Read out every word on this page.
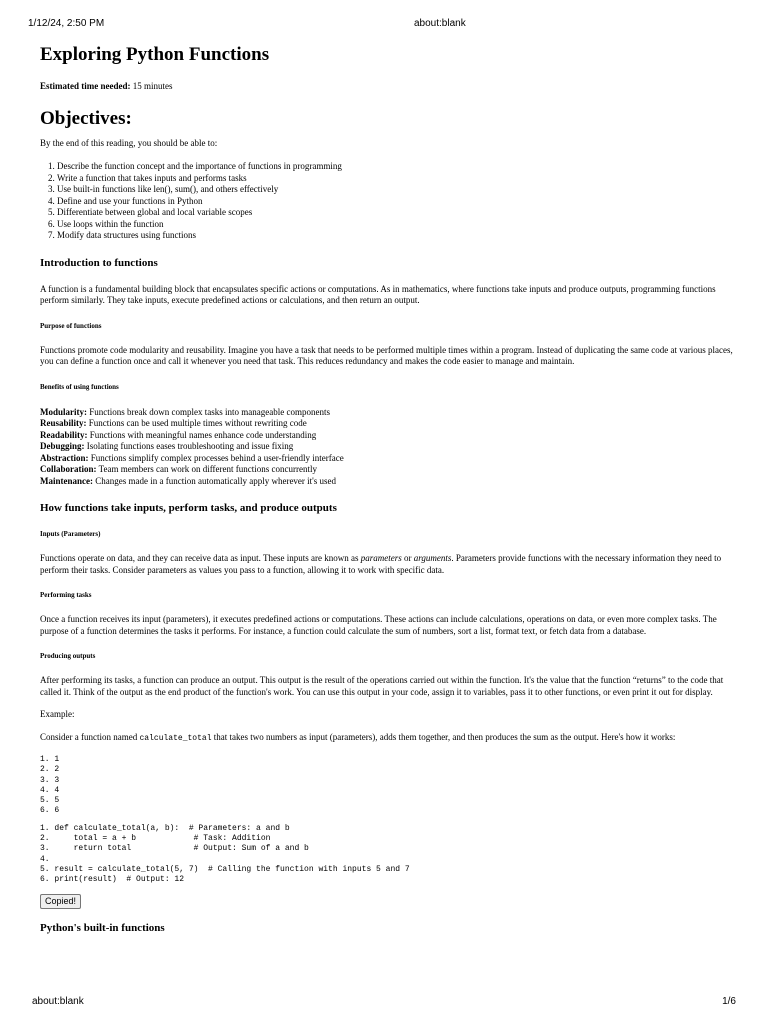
1/12/24, 2:50 PM	about:blank
Exploring Python Functions

Estimated time needed: 15 minutes

Objectives:

By the end of this reading, you should be able to:

1. Describe the function concept and the importance of functions in programming
2. Write a function that takes inputs and performs tasks
3. Use built-in functions like len(), sum(), and others effectively
4. Define and use your functions in Python
5. Differentiate between global and local variable scopes
6. Use loops within the function
7. Modify data structures using functions
Introduction to functions

A function is a fundamental building block that encapsulates specific actions or computations. As in mathematics, where functions take inputs and produce outputs, programming functions perform similarly. They take inputs, execute predefined actions or calculations, and then return an output.

Purpose of functions

Functions promote code modularity and reusability. Imagine you have a task that needs to be performed multiple times within a program. Instead of duplicating the same code at various places, you can define a function once and call it whenever you need that task. This reduces redundancy and makes the code easier to manage and maintain.

Benefits of using functions
Modularity: Functions break down complex tasks into manageable components
Reusability: Functions can be used multiple times without rewriting code
Readability: Functions with meaningful names enhance code understanding
Debugging: Isolating functions eases troubleshooting and issue fixing
Abstraction: Functions simplify complex processes behind a user-friendly interface
Collaboration: Team members can work on different functions concurrently
Maintenance: Changes made in a function automatically apply wherever it's used
How functions take inputs, perform tasks, and produce outputs
Inputs (Parameters)

Functions operate on data, and they can receive data as input. These inputs are known as parameters or arguments. Parameters provide functions with the necessary information they need to perform their tasks. Consider parameters as values you pass to a function, allowing it to work with specific data.

Performing tasks

Once a function receives its input (parameters), it executes predefined actions or computations. These actions can include calculations, operations on data, or even more complex tasks. The purpose of a function determines the tasks it performs. For instance, a function could calculate the sum of numbers, sort a list, format text, or fetch data from a database.

Producing outputs

After performing its tasks, a function can produce an output. This output is the result of the operations carried out within the function. It's the value that the function “returns” to the code that called it. Think of the output as the end product of the function's work. You can use this output in your code, assign it to variables, pass it to other functions, or even print it out for display.

Example:

Consider a function named calculate_total that takes two numbers as input (parameters), adds them together, and then produces the sum as the output. Here's how it works:

1. 1
2. 2
3. 3
4. 4
5. 5
6. 6
1. def calculate_total(a, b):  # Parameters: a and b
2.     total = a + b            # Task: Addition
3.     return total             # Output: Sum of a and b
4.
5. result = calculate_total(5, 7)  # Calling the function with inputs 5 and 7
6. print(result)  # Output: 12
Copied!
Python's built-in functions
about:blank	1/6
